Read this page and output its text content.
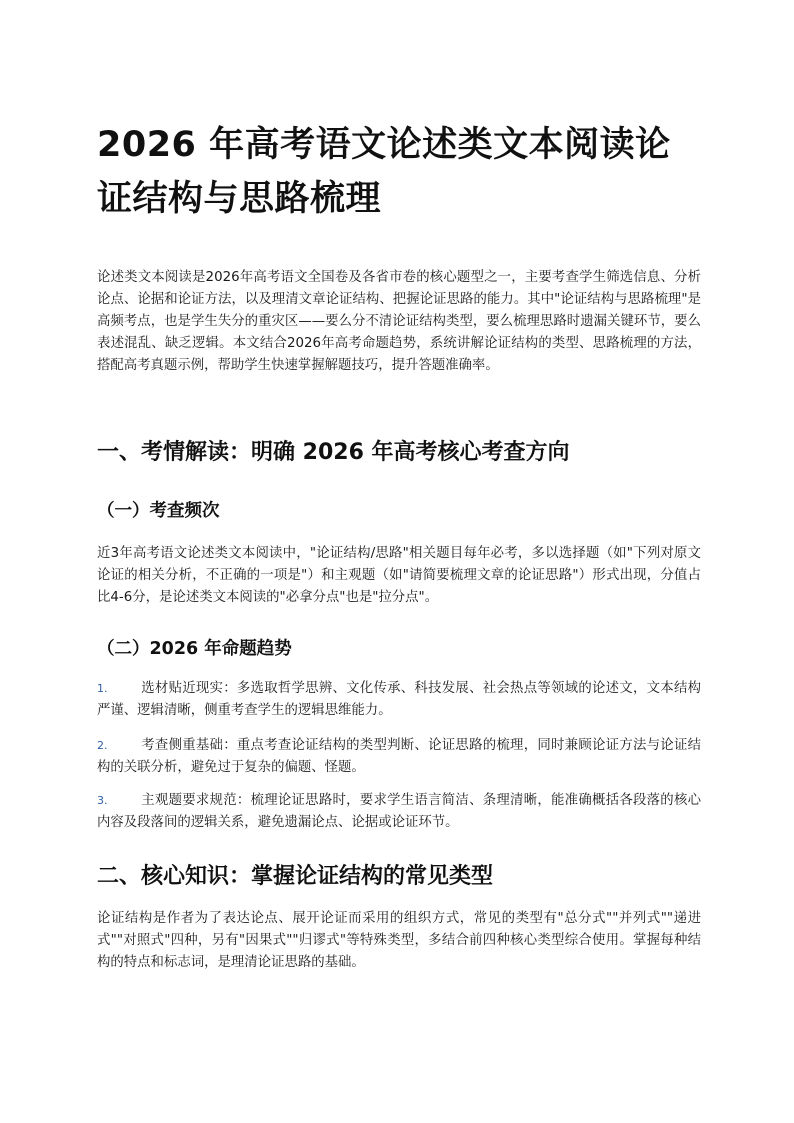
2026 年高考语文论述类文本阅读论证结构与思路梳理

论述类文本阅读是2026年高考语文全国卷及各省市卷的核心题型之一，主要考查学生筛选信息、分析论点、论据和论证方法，以及理清文章论证结构、把握论证思路的能力。其中"论证结构与思路梳理"是高频考点，也是学生失分的重灾区——要么分不清论证结构类型，要么梳理思路时遗漏关键环节，要么表述混乱、缺乏逻辑。本文结合2026年高考命题趋势，系统讲解论证结构的类型、思路梳理的方法，搭配高考真题示例，帮助学生快速掌握解题技巧，提升答题准确率。

一、考情解读：明确 2026 年高考核心考查方向
（一）考查频次

近3年高考语文论述类文本阅读中，"论证结构/思路"相关题目每年必考，多以选择题（如"下列对原文论证的相关分析，不正确的一项是"）和主观题（如"请简要梳理文章的论证思路"）形式出现，分值占比4-6分，是论述类文本阅读的"必拿分点"也是"拉分点"。

（二）2026 年命题趋势

1.	选材贴近现实：多选取哲学思辨、文化传承、科技发展、社会热点等领域的论述文，文本结构严谨、逻辑清晰，侧重考查学生的逻辑思维能力。

2.	考查侧重基础：重点考查论证结构的类型判断、论证思路的梳理，同时兼顾论证方法与论证结构的关联分析，避免过于复杂的偏题、怪题。

3.	主观题要求规范：梳理论证思路时，要求学生语言简洁、条理清晰，能准确概括各段落的核心内容及段落间的逻辑关系，避免遗漏论点、论据或论证环节。

二、核心知识：掌握论证结构的常见类型

论证结构是作者为了表达论点、展开论证而采用的组织方式，常见的类型有"总分式""并列式""递进式""对照式"四种，另有"因果式""归谬式"等特殊类型，多结合前四种核心类型综合使用。掌握每种结构的特点和标志词，是理清论证思路的基础。
